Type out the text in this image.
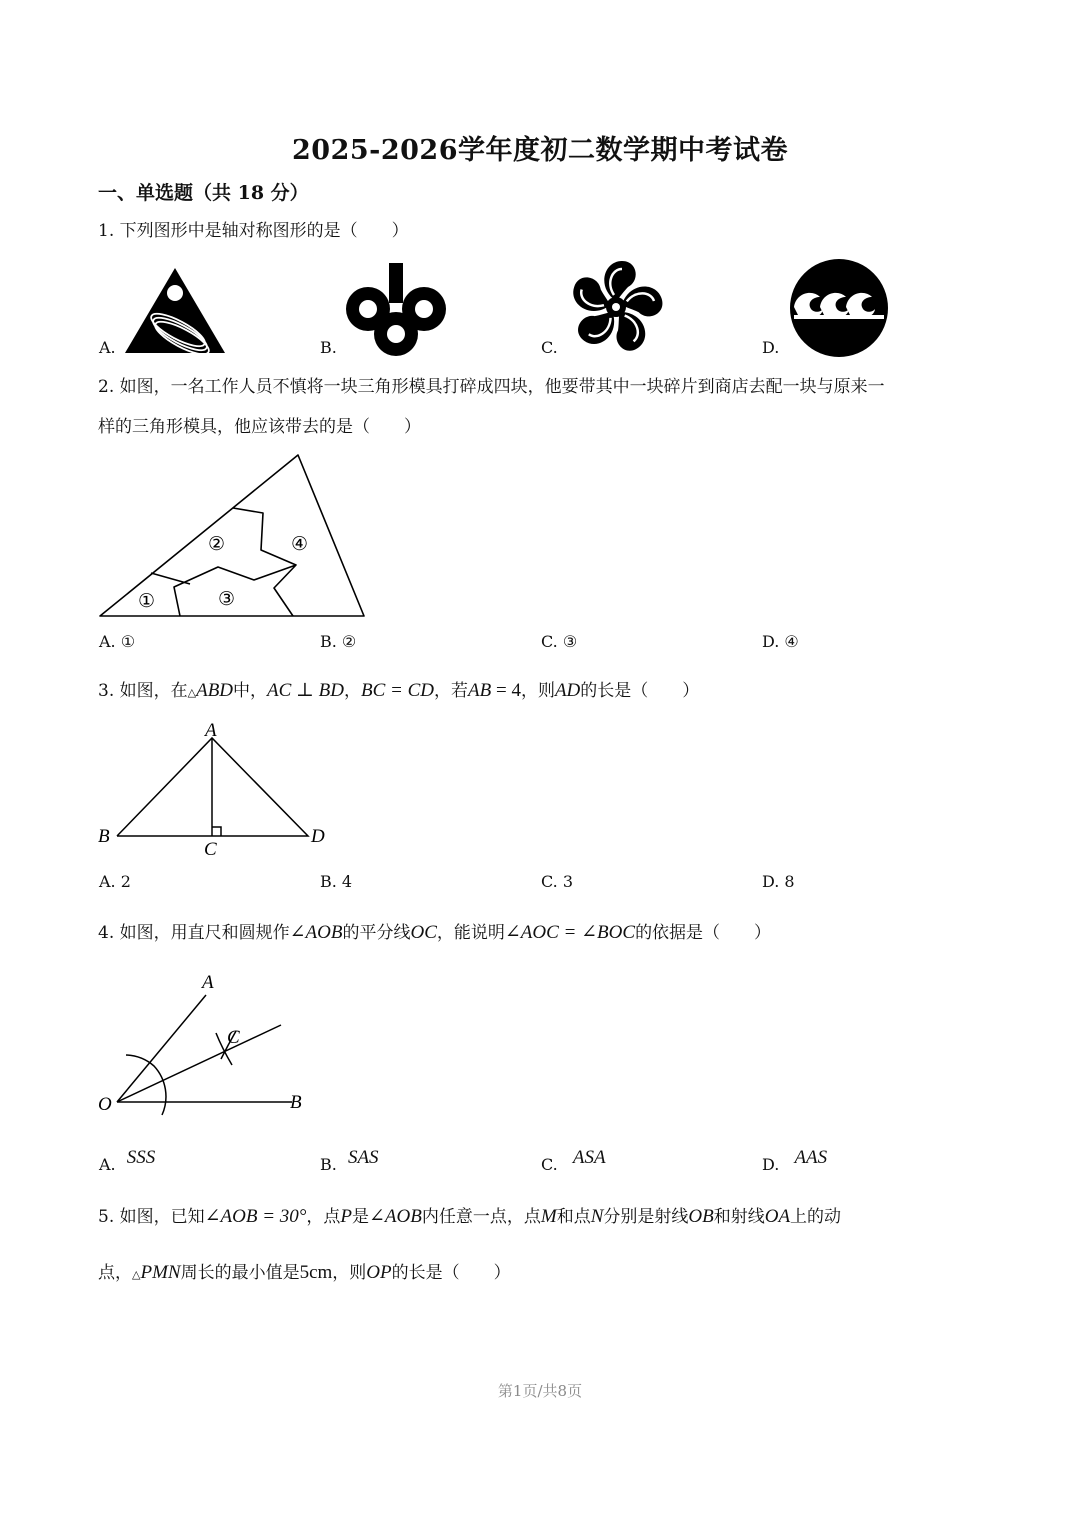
2025-2026学年度初二数学期中考试卷
一、单选题（共 18 分）
1. 下列图形中是轴对称图形的是（　　）
A.	B.	C.	D.
2. 如图，一名工作人员不慎将一块三角形模具打碎成四块，他要带其中一块碎片到商店去配一块与原来一
样的三角形模具，他应该带去的是（　　）
②	④
①	③
A. ①	B. ②	C. ③	D. ④
3. 如图，在△ABD中，AC ⊥ BD，BC = CD，若AB = 4，则AD的长是（　　）
A
B
C
D
A. 2	B. 4	C. 3	D. 8
4. 如图，用直尺和圆规作∠AOB的平分线OC，能说明∠AOC = ∠BOC的依据是（　　）
A
B
C
O
A. SSS	B. SAS	C. ASA	D. AAS
5. 如图，已知∠AOB = 30°，点P是∠AOB内任意一点，点M和点N分别是射线OB和射线OA上的动
点，△PMN周长的最小值是5cm，则OP的长是（　　）
第1页/共8页
